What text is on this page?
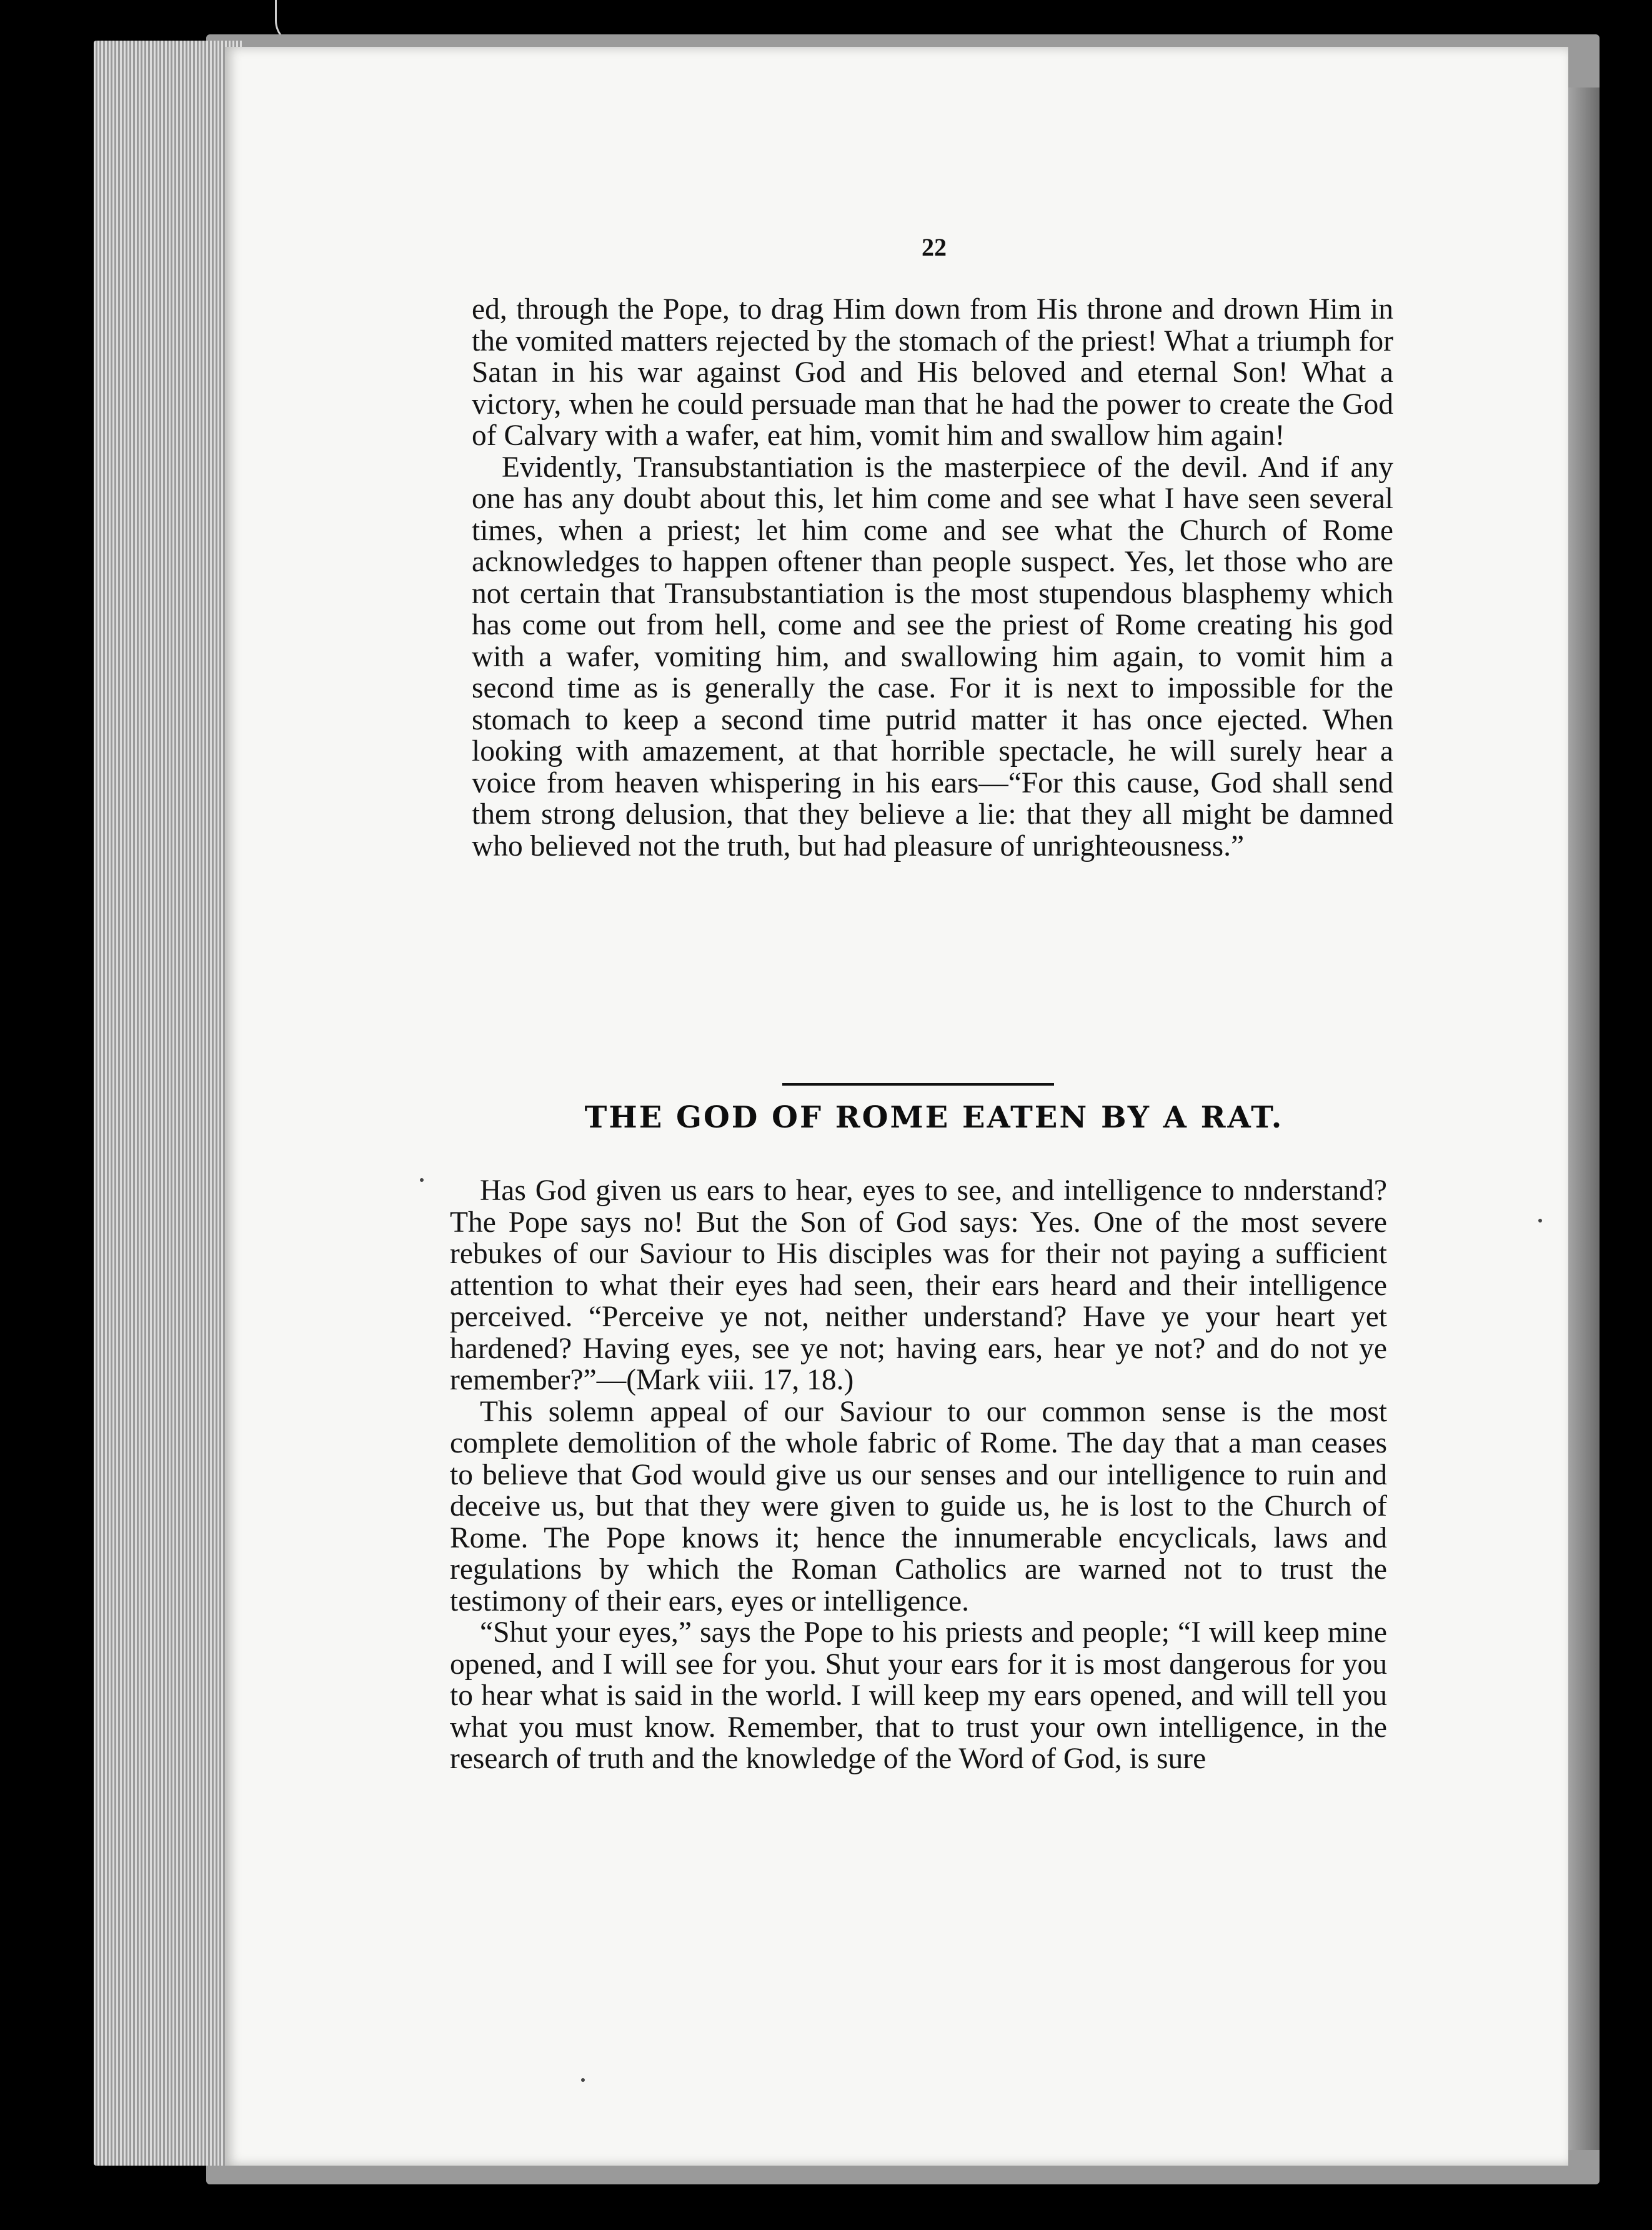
22

ed, through the Pope, to drag Him down from His throne and drown Him in the vomited matters rejected by the stomach of the priest! What a triumph for Satan in his war against God and His beloved and eternal Son! What a victory, when he could persuade man that he had the power to create the God of Calvary with a wafer, eat him, vomit him and swallow him again!

Evidently, Transubstantiation is the masterpiece of the devil. And if any one has any doubt about this, let him come and see what I have seen several times, when a priest; let him come and see what the Church of Rome acknowledges to happen oftener than people suspect. Yes, let those who are not certain that Transubstantiation is the most stupendous blasphemy which has come out from hell, come and see the priest of Rome creating his god with a wafer, vomiting him, and swallowing him again, to vomit him a second time as is generally the case. For it is next to impossible for the stomach to keep a second time putrid matter it has once ejected. When looking with amazement, at that horrible spectacle, he will surely hear a voice from heaven whispering in his ears—“For this cause, God shall send them strong delusion, that they believe a lie: that they all might be damned who believed not the truth, but had pleasure of unrighteousness.”

THE GOD OF ROME EATEN BY A RAT.

Has God given us ears to hear, eyes to see, and intelligence to nnderstand? The Pope says no! But the Son of God says: Yes. One of the most severe rebukes of our Saviour to His disciples was for their not paying a sufficient attention to what their eyes had seen, their ears heard and their intelligence perceived. “Perceive ye not, neither understand? Have ye your heart yet hardened? Having eyes, see ye not; having ears, hear ye not? and do not ye remember?”—(Mark viii. 17, 18.)

This solemn appeal of our Saviour to our common sense is the most complete demolition of the whole fabric of Rome. The day that a man ceases to believe that God would give us our senses and our intelligence to ruin and deceive us, but that they were given to guide us, he is lost to the Church of Rome. The Pope knows it; hence the innumerable encyclicals, laws and regulations by which the Roman Catholics are warned not to trust the testimony of their ears, eyes or intelligence.

“Shut your eyes,” says the Pope to his priests and people; “I will keep mine opened, and I will see for you. Shut your ears for it is most dangerous for you to hear what is said in the world. I will keep my ears opened, and will tell you what you must know. Remember, that to trust your own intelligence, in the research of truth and the knowledge of the Word of God, is sure
